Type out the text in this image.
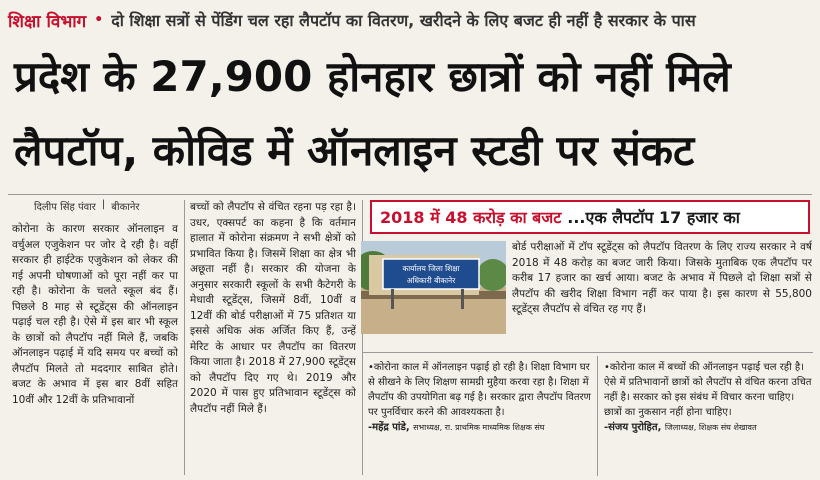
शिक्षा विभाग • दो शिक्षा सत्रों से पेंडिंग चल रहा लैपटॉप का वितरण, खरीदने के लिए बजट ही नहीं है सरकार के पास
प्रदेश के 27,900 होनहार छात्रों को नहीं मिले
लैपटॉप, कोविड में ऑनलाइन स्टडी पर संकट
दिलीप सिंह पंवार | बीकानेर
कोरोना के कारण सरकार ऑनलाइन व वर्चुअल एजुकेशन पर जोर दे रही है। वहीं सरकार ही हाईटेक एजुकेशन को लेकर की गई अपनी घोषणाओं को पूरा नहीं कर पा रही है। कोरोना के चलते स्कूल बंद हैं। पिछले 8 माह से स्टूडेंट्स की ऑनलाइन पढ़ाई चल रही है। ऐसे में इस बार भी स्कूल के छात्रों को लैपटॉप नहीं मिले हैं, जबकि ऑनलाइन पढ़ाई में यदि समय पर बच्चों को लैपटॉप मिलते तो मददगार साबित होते। बजट के अभाव में इस बार 8वीं सहित 10वीं और 12वीं के प्रतिभावानों
बच्चों को लैपटॉप से वंचित रहना पड़ रहा है। उधर, एक्सपर्ट का कहना है कि वर्तमान हालात में कोरोना संक्रमण ने सभी क्षेत्रों को प्रभावित किया है। जिसमें शिक्षा का क्षेत्र भी अछूता नहीं है। सरकार की योजना के अनुसार सरकारी स्कूलों के सभी कैटेगरी के मेधावी स्टूडेंट्स, जिसमें 8वीं, 10वीं व 12वीं की बोर्ड परीक्षाओं में 75 प्रतिशत या इससे अधिक अंक अर्जित किए हैं, उन्हें मेरिट के आधार पर लैपटॉप का वितरण किया जाता है। 2018 में 27,900 स्टूडेंट्स को लैपटॉप दिए गए थे। 2019 और 2020 में पास हुए प्रतिभावान स्टूडेंट्स को लैपटॉप नहीं मिले हैं।
2018 में 48 करोड़ का बजट ...एक लैपटॉप 17 हजार का
कार्यालय जिला शिक्षा
अधिकारी बीकानेर
बोर्ड परीक्षाओं में टॉप स्टूडेंट्स को लैपटॉप वितरण के लिए राज्य सरकार ने वर्ष 2018 में 48 करोड़ का बजट जारी किया। जिसके मुताबिक एक लैपटॉप पर करीब 17 हजार का खर्च आया। बजट के अभाव में पिछले दो शिक्षा सत्रों से लैपटॉप की खरीद शिक्षा विभाग नहीं कर पाया है। इस कारण से 55,800 स्टूडेंट्स लैपटॉप से वंचित रह गए हैं।
•कोरोना काल में ऑनलाइन पढ़ाई हो रही है। शिक्षा विभाग घर से सीखने के लिए शिक्षण सामग्री मुहैया करवा रहा है। शिक्षा में लैपटॉप की उपयोगिता बढ़ गई है। सरकार द्वारा लैपटॉप वितरण पर पुनर्विचार करने की आवश्यकता है।
-महेंद्र पांडे, सभाध्यक्ष, रा. प्राथमिक माध्यमिक शिक्षक संघ
•कोरोना काल में बच्चों की ऑनलाइन पढ़ाई चल रही है। ऐसे में प्रतिभावानों छात्रों को लैपटॉप से वंचित करना उचित नहीं है। सरकार को इस संबंध में विचार करना चाहिए। छात्रों का नुकसान नहीं होना चाहिए।
-संजय पुरोहित, जिलाध्यक्ष, शिक्षक संघ शेखावत
